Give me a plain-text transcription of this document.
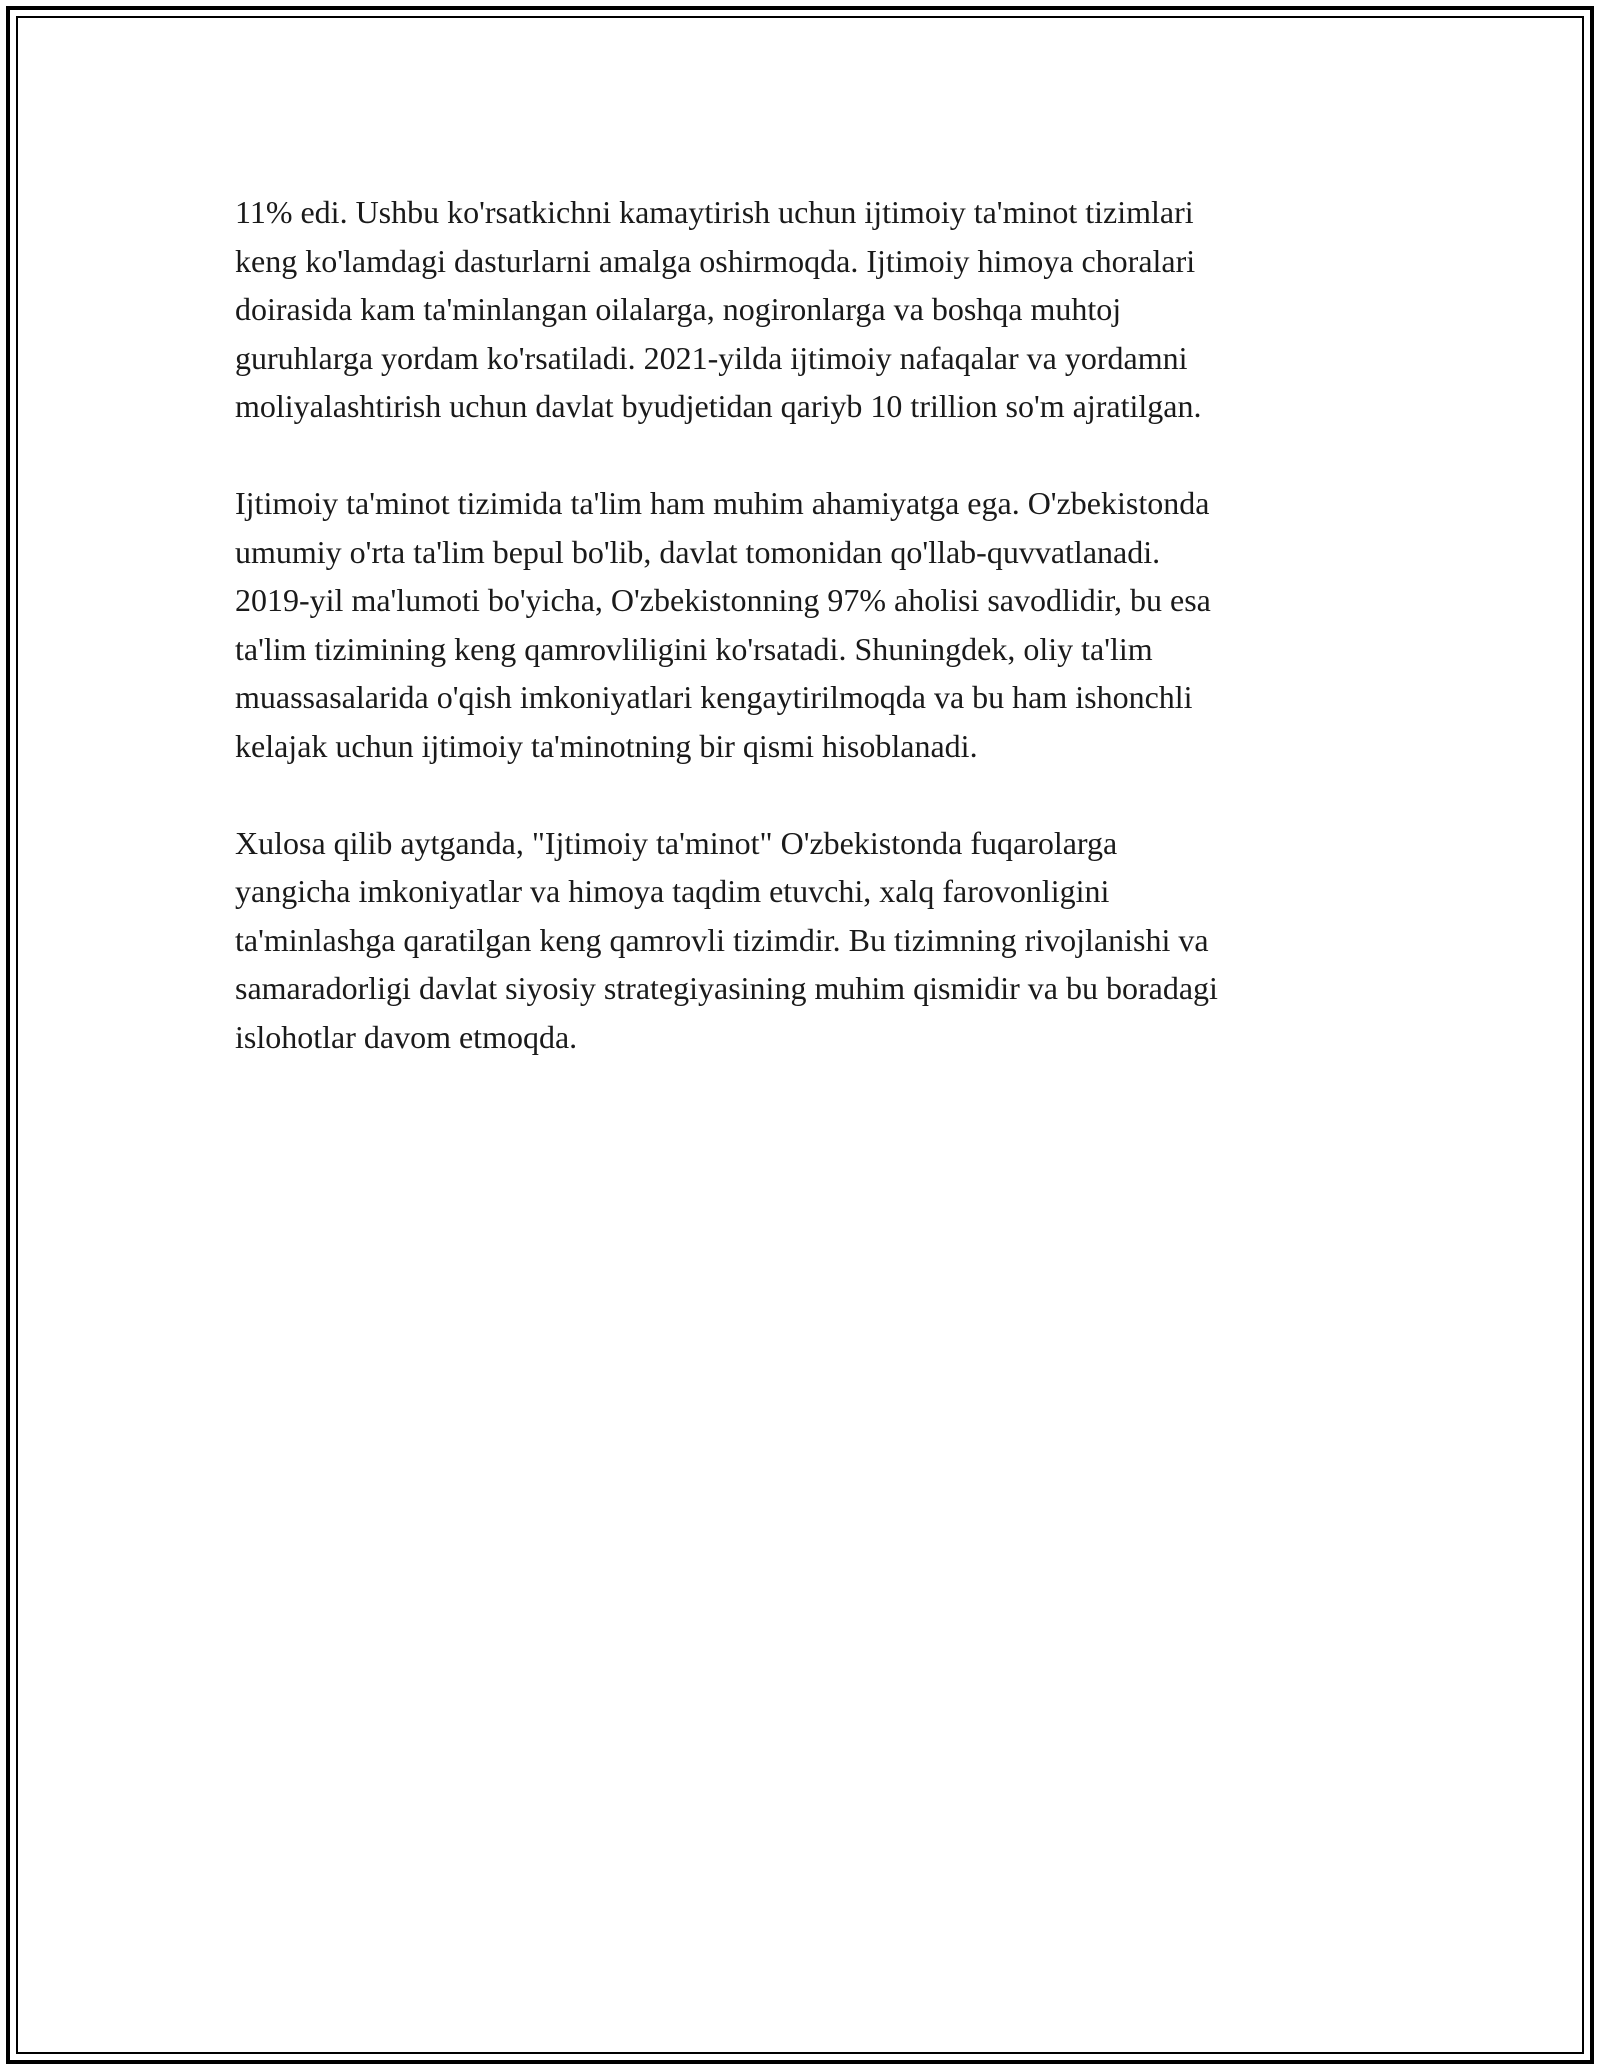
11% edi. Ushbu ko'rsatkichni kamaytirish uchun ijtimoiy ta'minot tizimlari
keng ko'lamdagi dasturlarni amalga oshirmoqda. Ijtimoiy himoya choralari
doirasida kam ta'minlangan oilalarga, nogironlarga va boshqa muhtoj
guruhlarga yordam ko'rsatiladi. 2021-yilda ijtimoiy nafaqalar va yordamni
moliyalashtirish uchun davlat byudjetidan qariyb 10 trillion so'm ajratilgan.

Ijtimoiy ta'minot tizimida ta'lim ham muhim ahamiyatga ega. O'zbekistonda
umumiy o'rta ta'lim bepul bo'lib, davlat tomonidan qo'llab-quvvatlanadi.
2019-yil ma'lumoti bo'yicha, O'zbekistonning 97% aholisi savodlidir, bu esa
ta'lim tizimining keng qamrovliligini ko'rsatadi. Shuningdek, oliy ta'lim
muassasalarida o'qish imkoniyatlari kengaytirilmoqda va bu ham ishonchli
kelajak uchun ijtimoiy ta'minotning bir qismi hisoblanadi.

Xulosa qilib aytganda, "Ijtimoiy ta'minot" O'zbekistonda fuqarolarga
yangicha imkoniyatlar va himoya taqdim etuvchi, xalq farovonligini
ta'minlashga qaratilgan keng qamrovli tizimdir. Bu tizimning rivojlanishi va
samaradorligi davlat siyosiy strategiyasining muhim qismidir va bu boradagi
islohotlar davom etmoqda.
